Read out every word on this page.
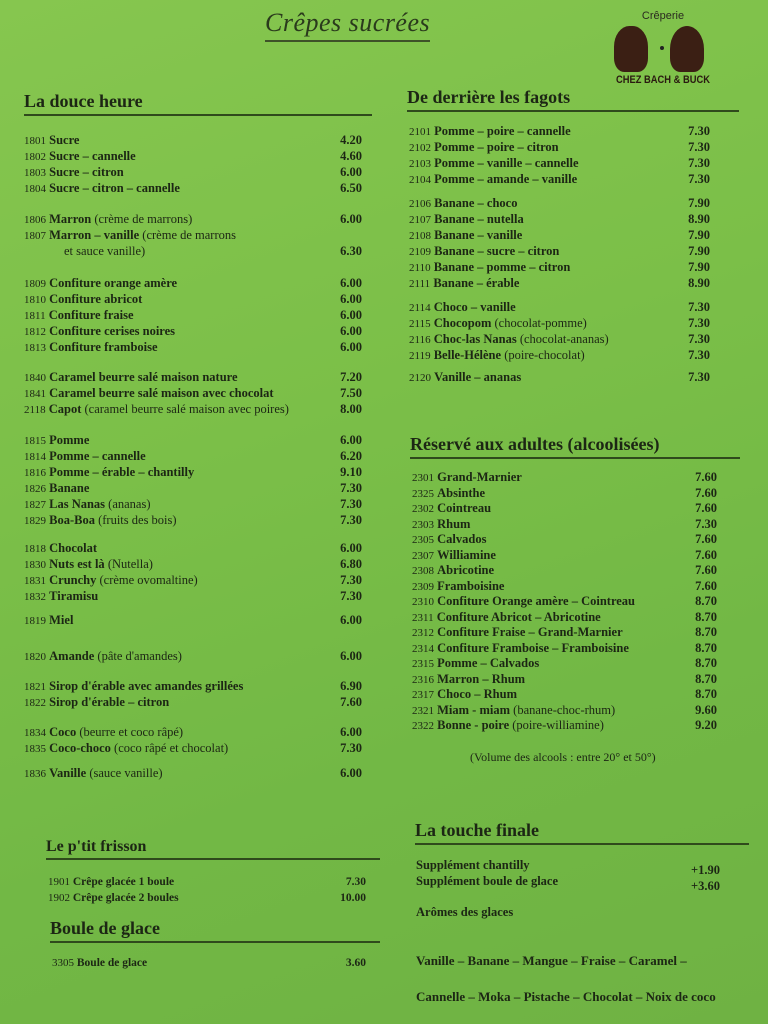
Crêpes sucrées	Crêperie
CHEZ BACH & BUCK
La douce heure
1801 Sucre	4.20
1802 Sucre – cannelle	4.60
1803 Sucre – citron	6.00
1804 Sucre – citron – cannelle	6.50
1806 Marron (crème de marrons)	6.00
1807 Marron – vanille (crème de marrons
et sauce vanille)	6.30
1809 Confiture orange amère	6.00
1810 Confiture abricot	6.00
1811 Confiture fraise	6.00
1812 Confiture cerises noires	6.00
1813 Confiture framboise	6.00
1840 Caramel beurre salé maison nature	7.20
1841 Caramel beurre salé maison avec chocolat	7.50
2118 Capot (caramel beurre salé maison avec poires)	8.00
1815 Pomme	6.00
1814 Pomme – cannelle	6.20
1816 Pomme – érable – chantilly	9.10
1826 Banane	7.30
1827 Las Nanas (ananas)	7.30
1829 Boa-Boa (fruits des bois)	7.30
1818 Chocolat	6.00
1830 Nuts est là (Nutella)	6.80
1831 Crunchy (crème ovomaltine)	7.30
1832 Tiramisu	7.30
1819 Miel	6.00
1820 Amande (pâte d'amandes)	6.00
1821 Sirop d'érable avec amandes grillées	6.90
1822 Sirop d'érable – citron	7.60
1834 Coco (beurre et coco râpé)	6.00
1835 Coco-choco (coco râpé et chocolat)	7.30
1836 Vanille (sauce vanille)	6.00
Le p'tit frisson
1901 Crêpe glacée 1 boule	7.30
1902 Crêpe glacée 2 boules	10.00
Boule de glace
3305 Boule de glace	3.60
De derrière les fagots
2101 Pomme – poire – cannelle	7.30
2102 Pomme – poire – citron	7.30
2103 Pomme – vanille – cannelle	7.30
2104 Pomme – amande – vanille	7.30
2106 Banane – choco	7.90
2107 Banane – nutella	8.90
2108 Banane – vanille	7.90
2109 Banane – sucre – citron	7.90
2110 Banane – pomme – citron	7.90
2111 Banane – érable	8.90
2114 Choco – vanille	7.30
2115 Chocopom (chocolat-pomme)	7.30
2116 Choc-las Nanas (chocolat-ananas)	7.30
2119 Belle-Hélène (poire-chocolat)	7.30
2120 Vanille – ananas	7.30
Réservé aux adultes (alcoolisées)
2301 Grand-Marnier	7.60
2325 Absinthe	7.60
2302 Cointreau	7.60
2303 Rhum	7.30
2305 Calvados	7.60
2307 Williamine	7.60
2308 Abricotine	7.60
2309 Framboisine	7.60
2310 Confiture Orange amère – Cointreau	8.70
2311 Confiture Abricot – Abricotine	8.70
2312 Confiture Fraise – Grand-Marnier	8.70
2314 Confiture Framboise – Framboisine	8.70
2315 Pomme – Calvados	8.70
2316 Marron – Rhum	8.70
2317 Choco – Rhum	8.70
2321 Miam - miam (banane-choc-rhum)	9.60
2322 Bonne - poire (poire-williamine)	9.20
(Volume des alcools : entre 20° et 50°)
La touche finale
Supplément chantilly	+1.90
Supplément boule de glace	+3.60
Arômes des glaces
Vanille – Banane – Mangue – Fraise – Caramel –
Cannelle – Moka – Pistache – Chocolat – Noix de coco
